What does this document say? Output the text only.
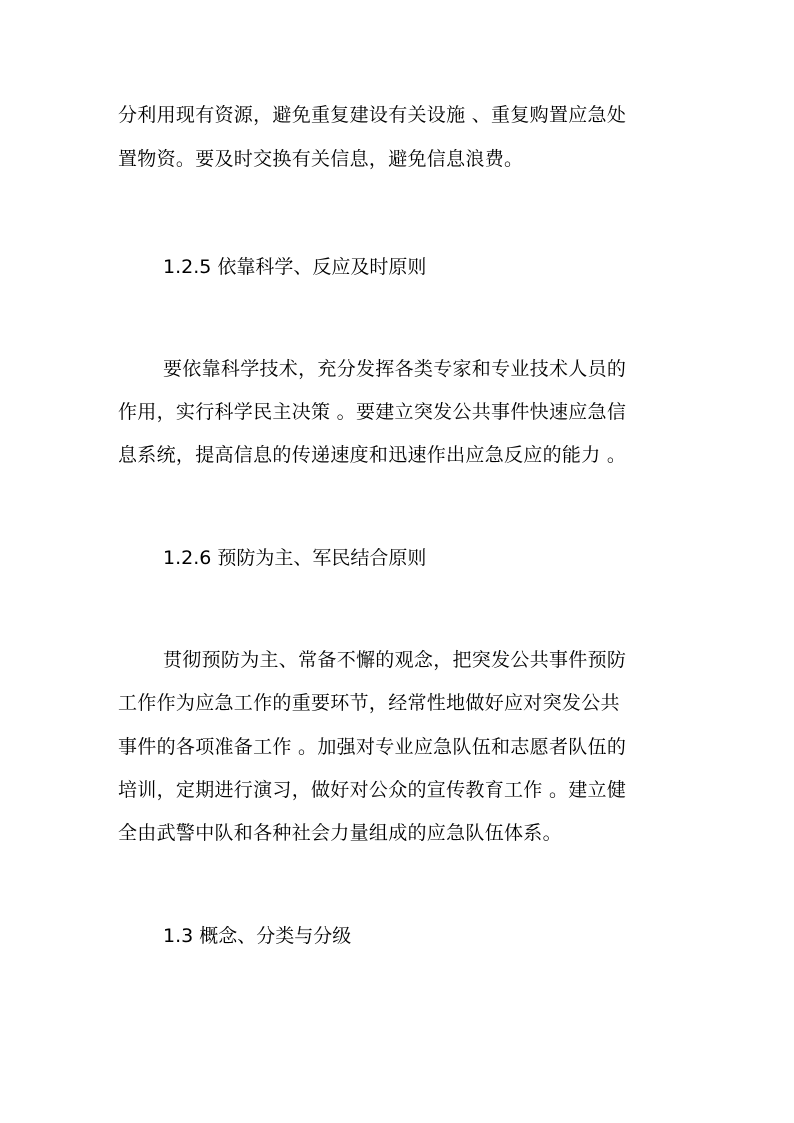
分利用现有资源，避免重复建设有关设施 、重复购置应急处
置物资。要及时交换有关信息，避免信息浪费。
1.2.5 依靠科学、反应及时原则
要依靠科学技术，充分发挥各类专家和专业技术人员的
作用，实行科学民主决策 。要建立突发公共事件快速应急信
息系统，提高信息的传递速度和迅速作出应急反应的能力 。
1.2.6 预防为主、军民结合原则
贯彻预防为主、常备不懈的观念，把突发公共事件预防
工作作为应急工作的重要环节，经常性地做好应对突发公共
事件的各项准备工作 。加强对专业应急队伍和志愿者队伍的
培训，定期进行演习，做好对公众的宣传教育工作 。建立健
全由武警中队和各种社会力量组成的应急队伍体系。
1.3 概念、分类与分级
